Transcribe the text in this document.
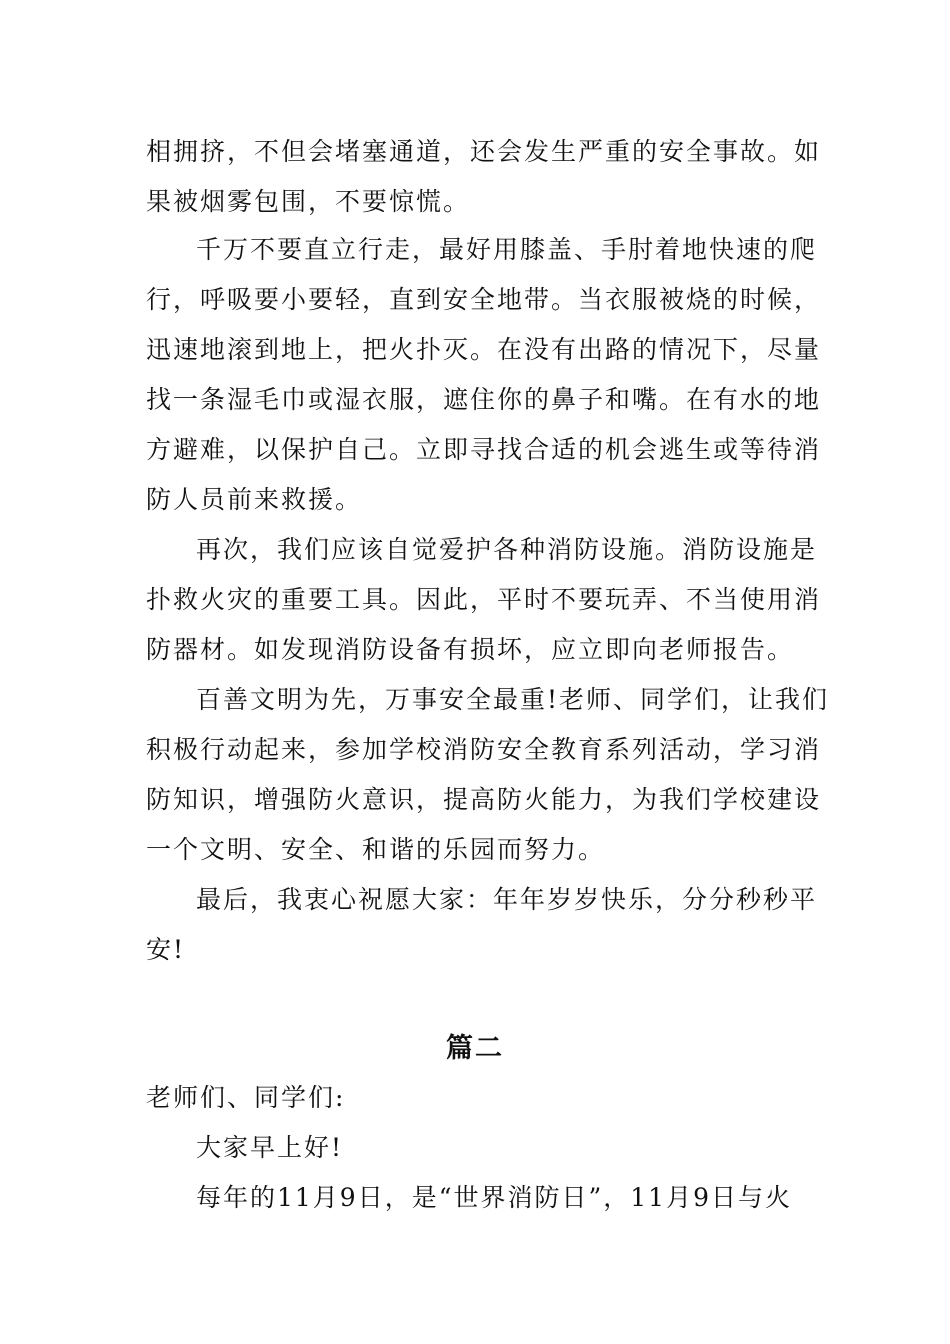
相拥挤，不但会堵塞通道，还会发生严重的安全事故。如
果被烟雾包围，不要惊慌。
千万不要直立行走，最好用膝盖、手肘着地快速的爬
行，呼吸要小要轻，直到安全地带。当衣服被烧的时候，
迅速地滚到地上，把火扑灭。在没有出路的情况下，尽量
找一条湿毛巾或湿衣服，遮住你的鼻子和嘴。在有水的地
方避难，以保护自己。立即寻找合适的机会逃生或等待消
防人员前来救援。
再次，我们应该自觉爱护各种消防设施。消防设施是
扑救火灾的重要工具。因此，平时不要玩弄、不当使用消
防器材。如发现消防设备有损坏，应立即向老师报告。
百善文明为先，万事安全最重!老师、同学们，让我们
积极行动起来，参加学校消防安全教育系列活动，学习消
防知识，增强防火意识，提高防火能力，为我们学校建设
一个文明、安全、和谐的乐园而努力。
最后，我衷心祝愿大家：年年岁岁快乐，分分秒秒平
安!
篇二
老师们、同学们:
大家早上好!
每年的11月9日，是“世界消防日”，11月9日与火
